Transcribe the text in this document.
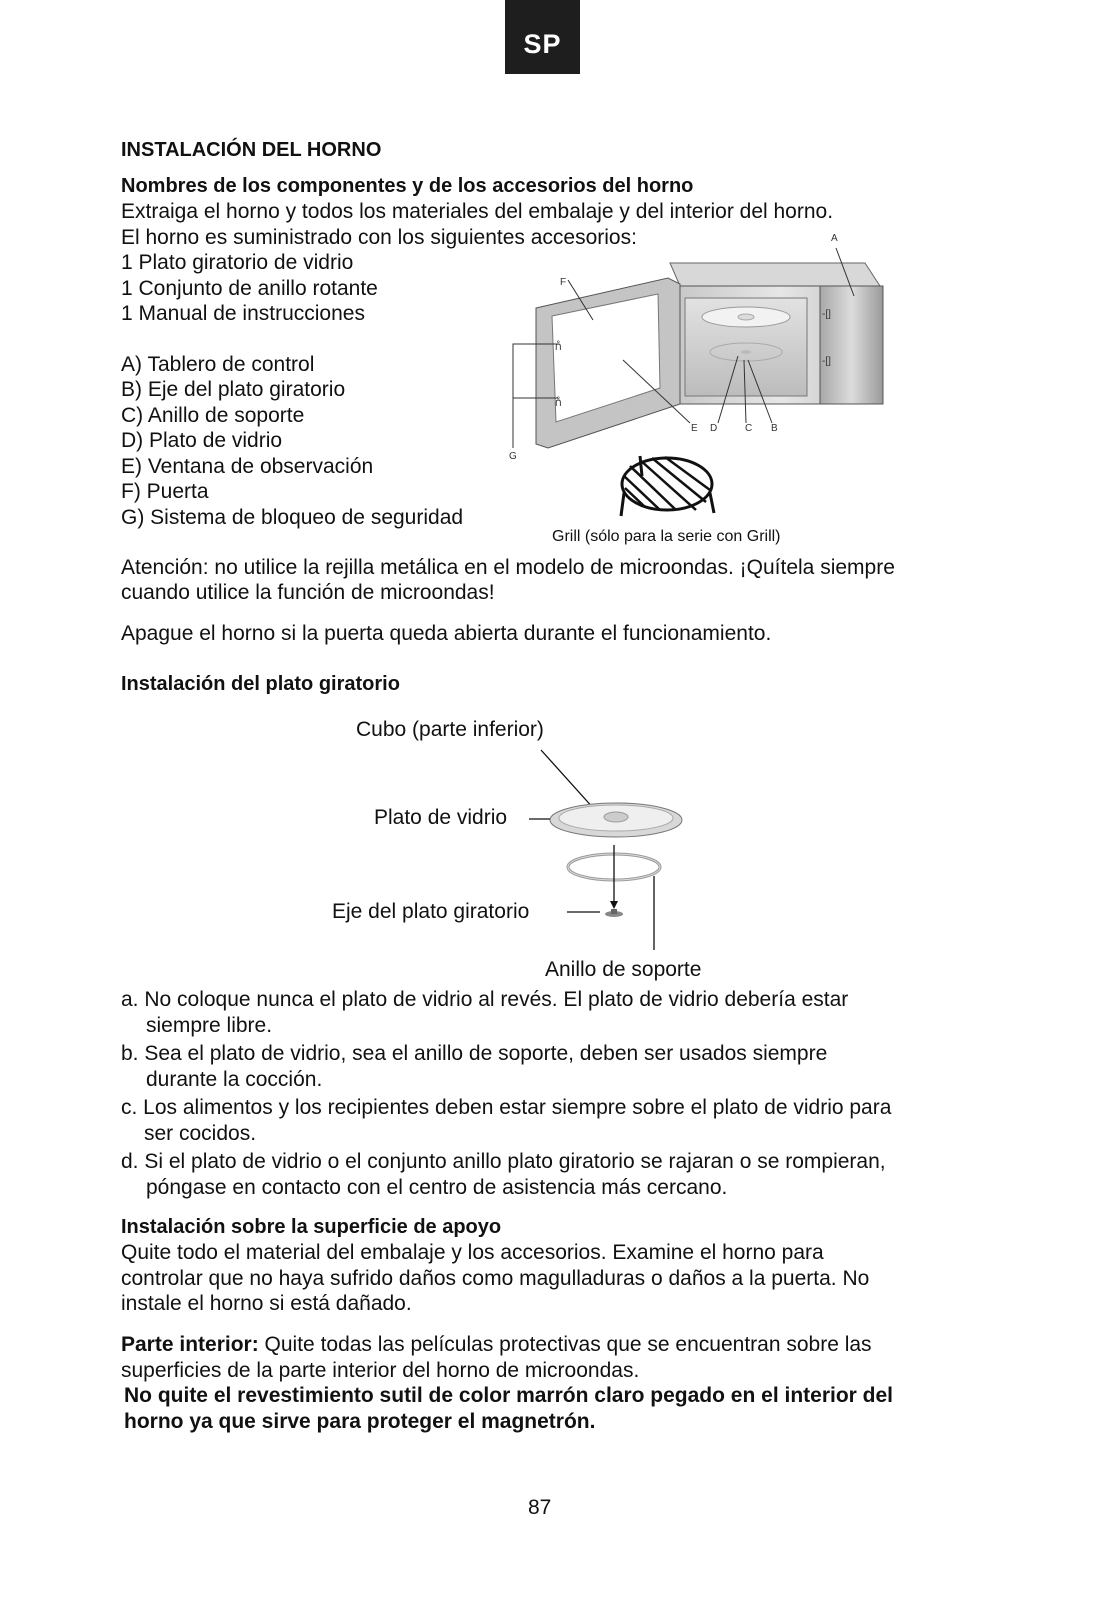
SP
INSTALACIÓN DEL HORNO
Nombres de los componentes y de los accesorios del horno
Extraiga el horno y todos los materiales del embalaje y del interior del horno.
El horno es suministrado con los siguientes accesorios:
1 Plato giratorio de vidrio
1 Conjunto de anillo rotante
1 Manual de instrucciones
A) Tablero de control
B) Eje del plato giratorio
C) Anillo de soporte
D) Plato de vidrio
E) Ventana de observación
F) Puerta
G) Sistema de bloqueo de seguridad
-[]
-[]
ᑍ
ᑍ
A
F
E D	C B
G
Grill (sólo para la serie con Grill)
Atención: no utilice la rejilla metálica en el modelo de microondas. ¡Quítela siempre
cuando utilice la función de microondas!
Apague el horno si la puerta queda abierta durante el funcionamiento.
Instalación del plato giratorio
Cubo (parte inferior)
Plato de vidrio
Eje del plato giratorio
Anillo de soporte
a. No coloque nunca el plato de vidrio al revés. El plato de vidrio debería estar
siempre libre.
b. Sea el plato de vidrio, sea el anillo de soporte, deben ser usados siempre
durante la cocción.
c. Los alimentos y los recipientes deben estar siempre sobre el plato de vidrio para
ser cocidos.
d. Si el plato de vidrio o el conjunto anillo plato giratorio se rajaran o se rompieran,
póngase en contacto con el centro de asistencia más cercano.
Instalación sobre la superficie de apoyo
Quite todo el material del embalaje y los accesorios. Examine el horno para
controlar que no haya sufrido daños como magulladuras o daños a la puerta. No
instale el horno si está dañado.
Parte interior: Quite todas las películas protectivas que se encuentran sobre las
superficies de la parte interior del horno de microondas.
No quite el revestimiento sutil de color marrón claro pegado en el interior del
horno ya que sirve para proteger el magnetrón.
87
